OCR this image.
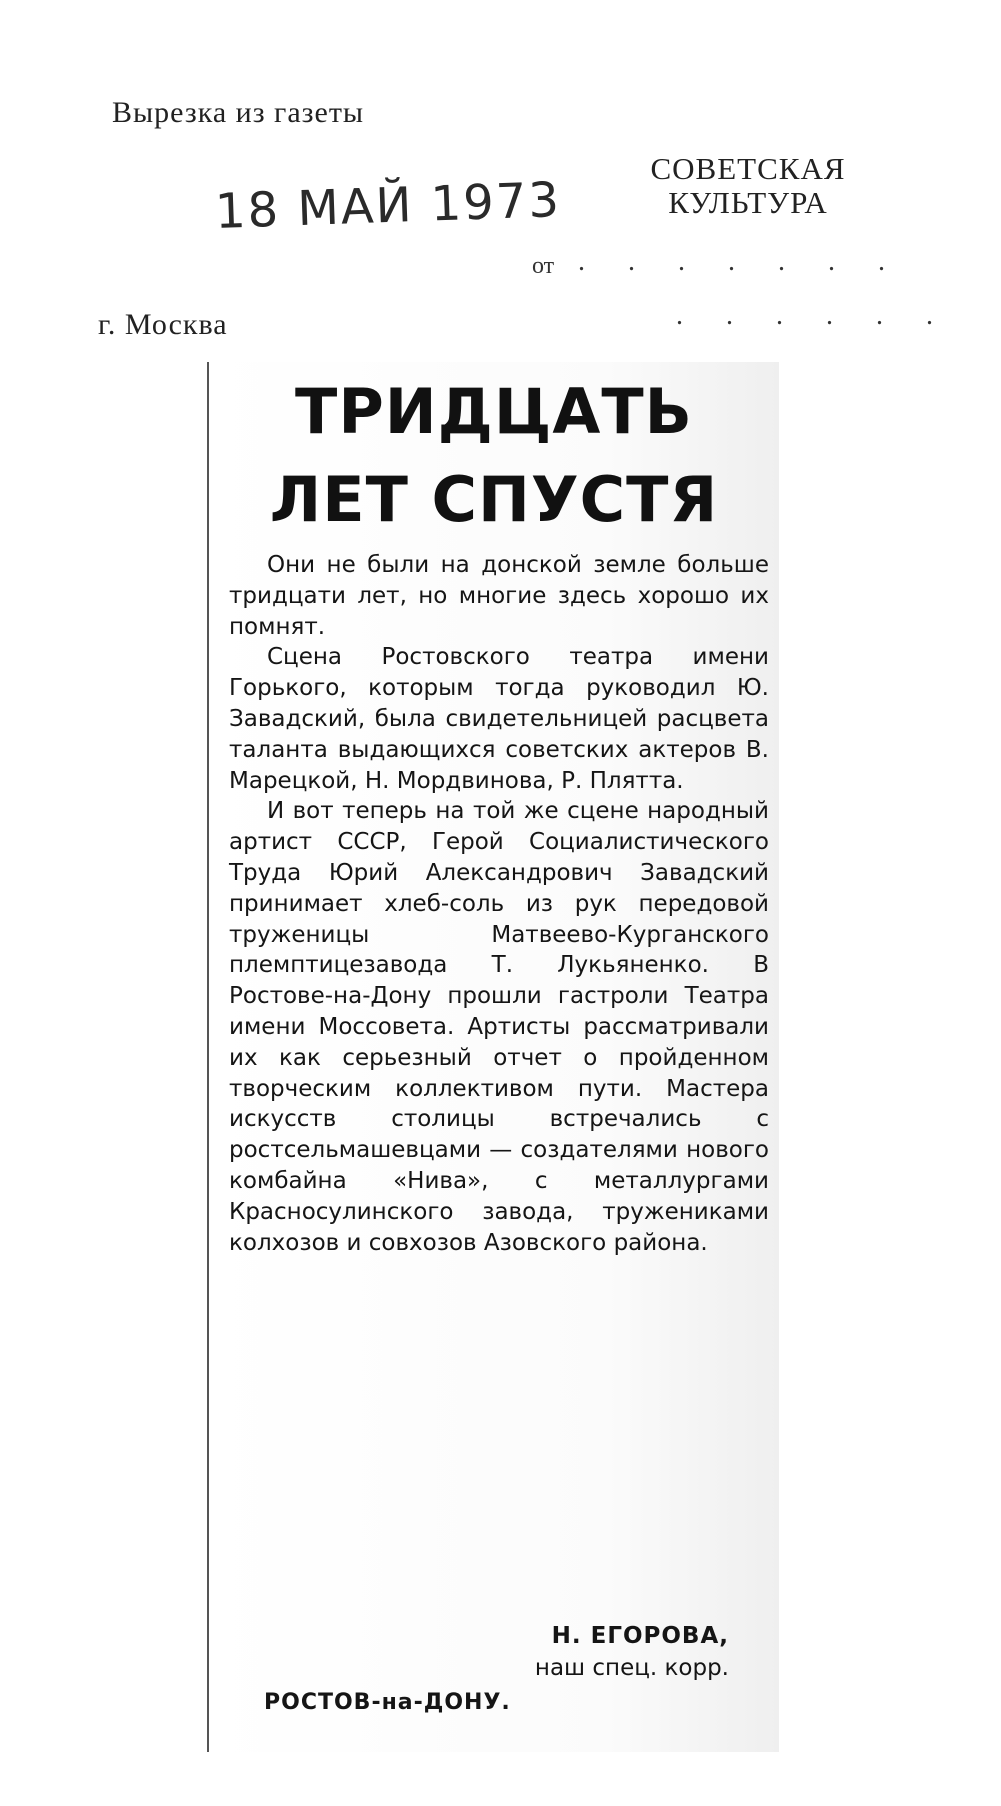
Вырезка из газеты
18 МАЙ 1973
СОВЕТСКАЯ
КУЛЬТУРА
от . . . . . . .
г. Москва	. . . . . .
ТРИДЦАТЬ
ЛЕТ СПУСТЯ

Они не были на донской земле больше тридцати лет, но многие здесь хорошо их помнят.

Сцена Ростовского театра имени Горького, которым тогда руководил Ю. Завадский, была свидетельницей расцвета таланта выдающихся советских актеров В. Марецкой, Н. Мордвинова, Р. Плятта.

И вот теперь на той же сцене народный артист СССР, Герой Социалистического Труда Юрий Александрович Завадский принимает хлеб-соль из рук передовой труженицы Матвеево-Курганского племптицезавода Т. Лукьяненко. В Ростове-на-Дону прошли гастроли Театра имени Моссовета. Артисты рассматривали их как серьезный отчет о пройденном творческим коллективом пути. Мастера искусств столицы встречались с ростсельмашевцами — создателями нового комбайна «Нива», с металлургами Красносулинского завода, тружениками колхозов и совхозов Азовского района.

Н. ЕГОРОВА,
наш спец. корр.
РОСТОВ-на-ДОНУ.
